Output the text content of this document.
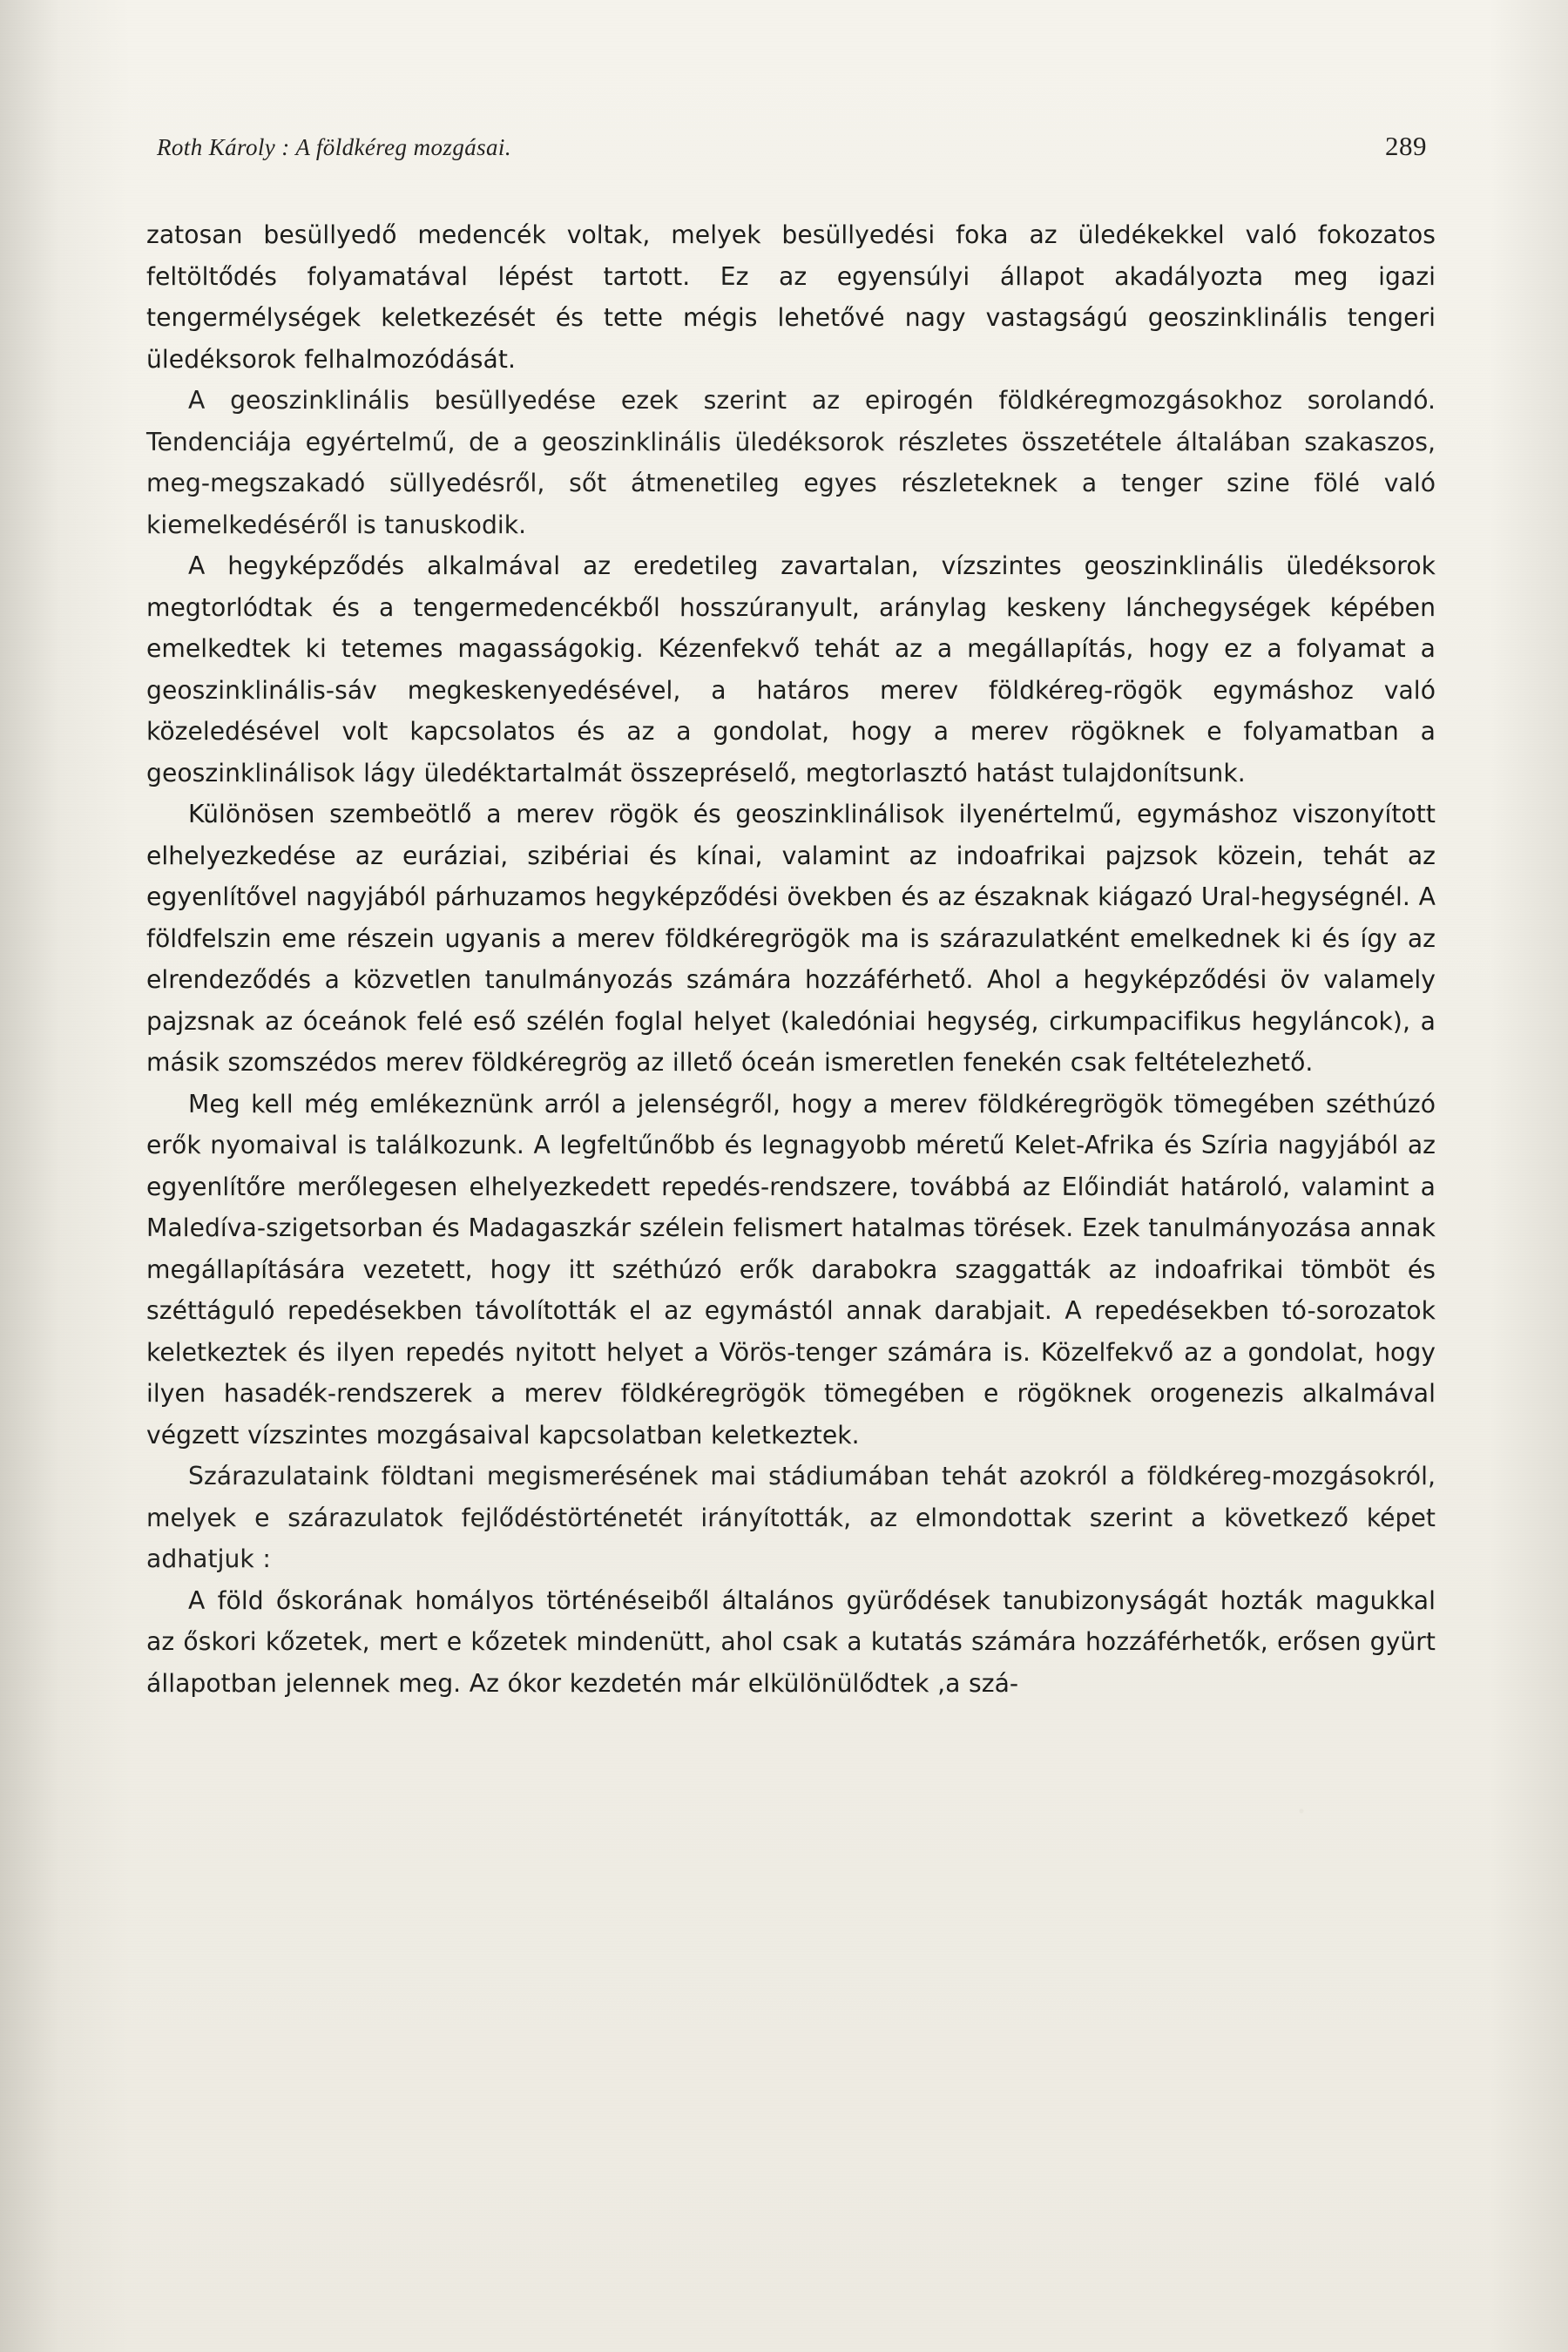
Roth Károly : A földkéreg mozgásai.	289

zatosan besüllyedő medencék voltak, melyek besüllyedési foka az üledékekkel való fokozatos feltöltődés folyamatával lépést tartott. Ez az egyensúlyi állapot akadályozta meg igazi tengermélységek keletkezését és tette mégis lehetővé nagy vastagságú geoszinklinális tengeri üledéksorok felhalmozódását.

A geoszinklinális besüllyedése ezek szerint az epirogén földkéregmozgásokhoz sorolandó. Tendenciája egyértelmű, de a geoszinklinális üledéksorok részletes összetétele általában szakaszos, meg-megszakadó süllyedésről, sőt átmenetileg egyes részleteknek a tenger szine fölé való kiemelkedéséről is tanuskodik.

A hegyképződés alkalmával az eredetileg zavartalan, vízszintes geoszinklinális üledéksorok megtorlódtak és a tengermedencékből hosszúranyult, aránylag keskeny lánchegységek képében emelkedtek ki tetemes magasságokig. Kézenfekvő tehát az a megállapítás, hogy ez a folyamat a geoszinklinális-sáv megkeskenyedésével, a határos merev földkéreg-rögök egymáshoz való közeledésével volt kapcsolatos és az a gondolat, hogy a merev rögöknek e folyamatban a geoszinklinálisok lágy üledéktartalmát összepréselő, megtorlasztó hatást tulajdonítsunk.

Különösen szembeötlő a merev rögök és geoszinklinálisok ilyenértelmű, egymáshoz viszonyított elhelyezkedése az euráziai, szibériai és kínai, valamint az indoafrikai pajzsok közein, tehát az egyenlítővel nagyjából párhuzamos hegyképződési övekben és az északnak kiágazó Ural-hegységnél. A földfelszin eme részein ugyanis a merev földkéregrögök ma is szárazulatként emelkednek ki és így az elrendeződés a közvetlen tanulmányozás számára hozzáférhető. Ahol a hegyképződési öv valamely pajzsnak az óceánok felé eső szélén foglal helyet (kaledóniai hegység, cirkumpacifikus hegyláncok), a másik szomszédos merev földkéregrög az illető óceán ismeretlen fenekén csak feltételezhető.

Meg kell még emlékeznünk arról a jelenségről, hogy a merev földkéregrögök tömegében széthúzó erők nyomaival is találkozunk. A legfeltűnőbb és legnagyobb méretű Kelet-Afrika és Szíria nagyjából az egyenlítőre merőlegesen elhelyezkedett repedés-rendszere, továbbá az Előindiát határoló, valamint a Maledíva-szigetsorban és Madagaszkár szélein felismert hatalmas törések. Ezek tanulmányozása annak megállapítására vezetett, hogy itt széthúzó erők darabokra szaggatták az indoafrikai tömböt és széttáguló repedésekben távolították el az egymástól annak darabjait. A repedésekben tó-sorozatok keletkeztek és ilyen repedés nyitott helyet a Vörös-tenger számára is. Közelfekvő az a gondolat, hogy ilyen hasadék-rendszerek a merev földkéregrögök tömegében e rögöknek orogenezis alkalmával végzett vízszintes mozgásaival kapcsolatban keletkeztek.

Szárazulataink földtani megismerésének mai stádiumában tehát azokról a földkéreg-mozgásokról, melyek e szárazulatok fejlődéstörténetét irányították, az elmondottak szerint a következő képet adhatjuk :

A föld őskorának homályos történéseiből általános gyürődések tanubizonyságát hozták magukkal az őskori kőzetek, mert e kőzetek mindenütt, ahol csak a kutatás számára hozzáférhetők, erősen gyürt állapotban jelennek meg. Az ókor kezdetén már elkülönülődtek ,a szá-
